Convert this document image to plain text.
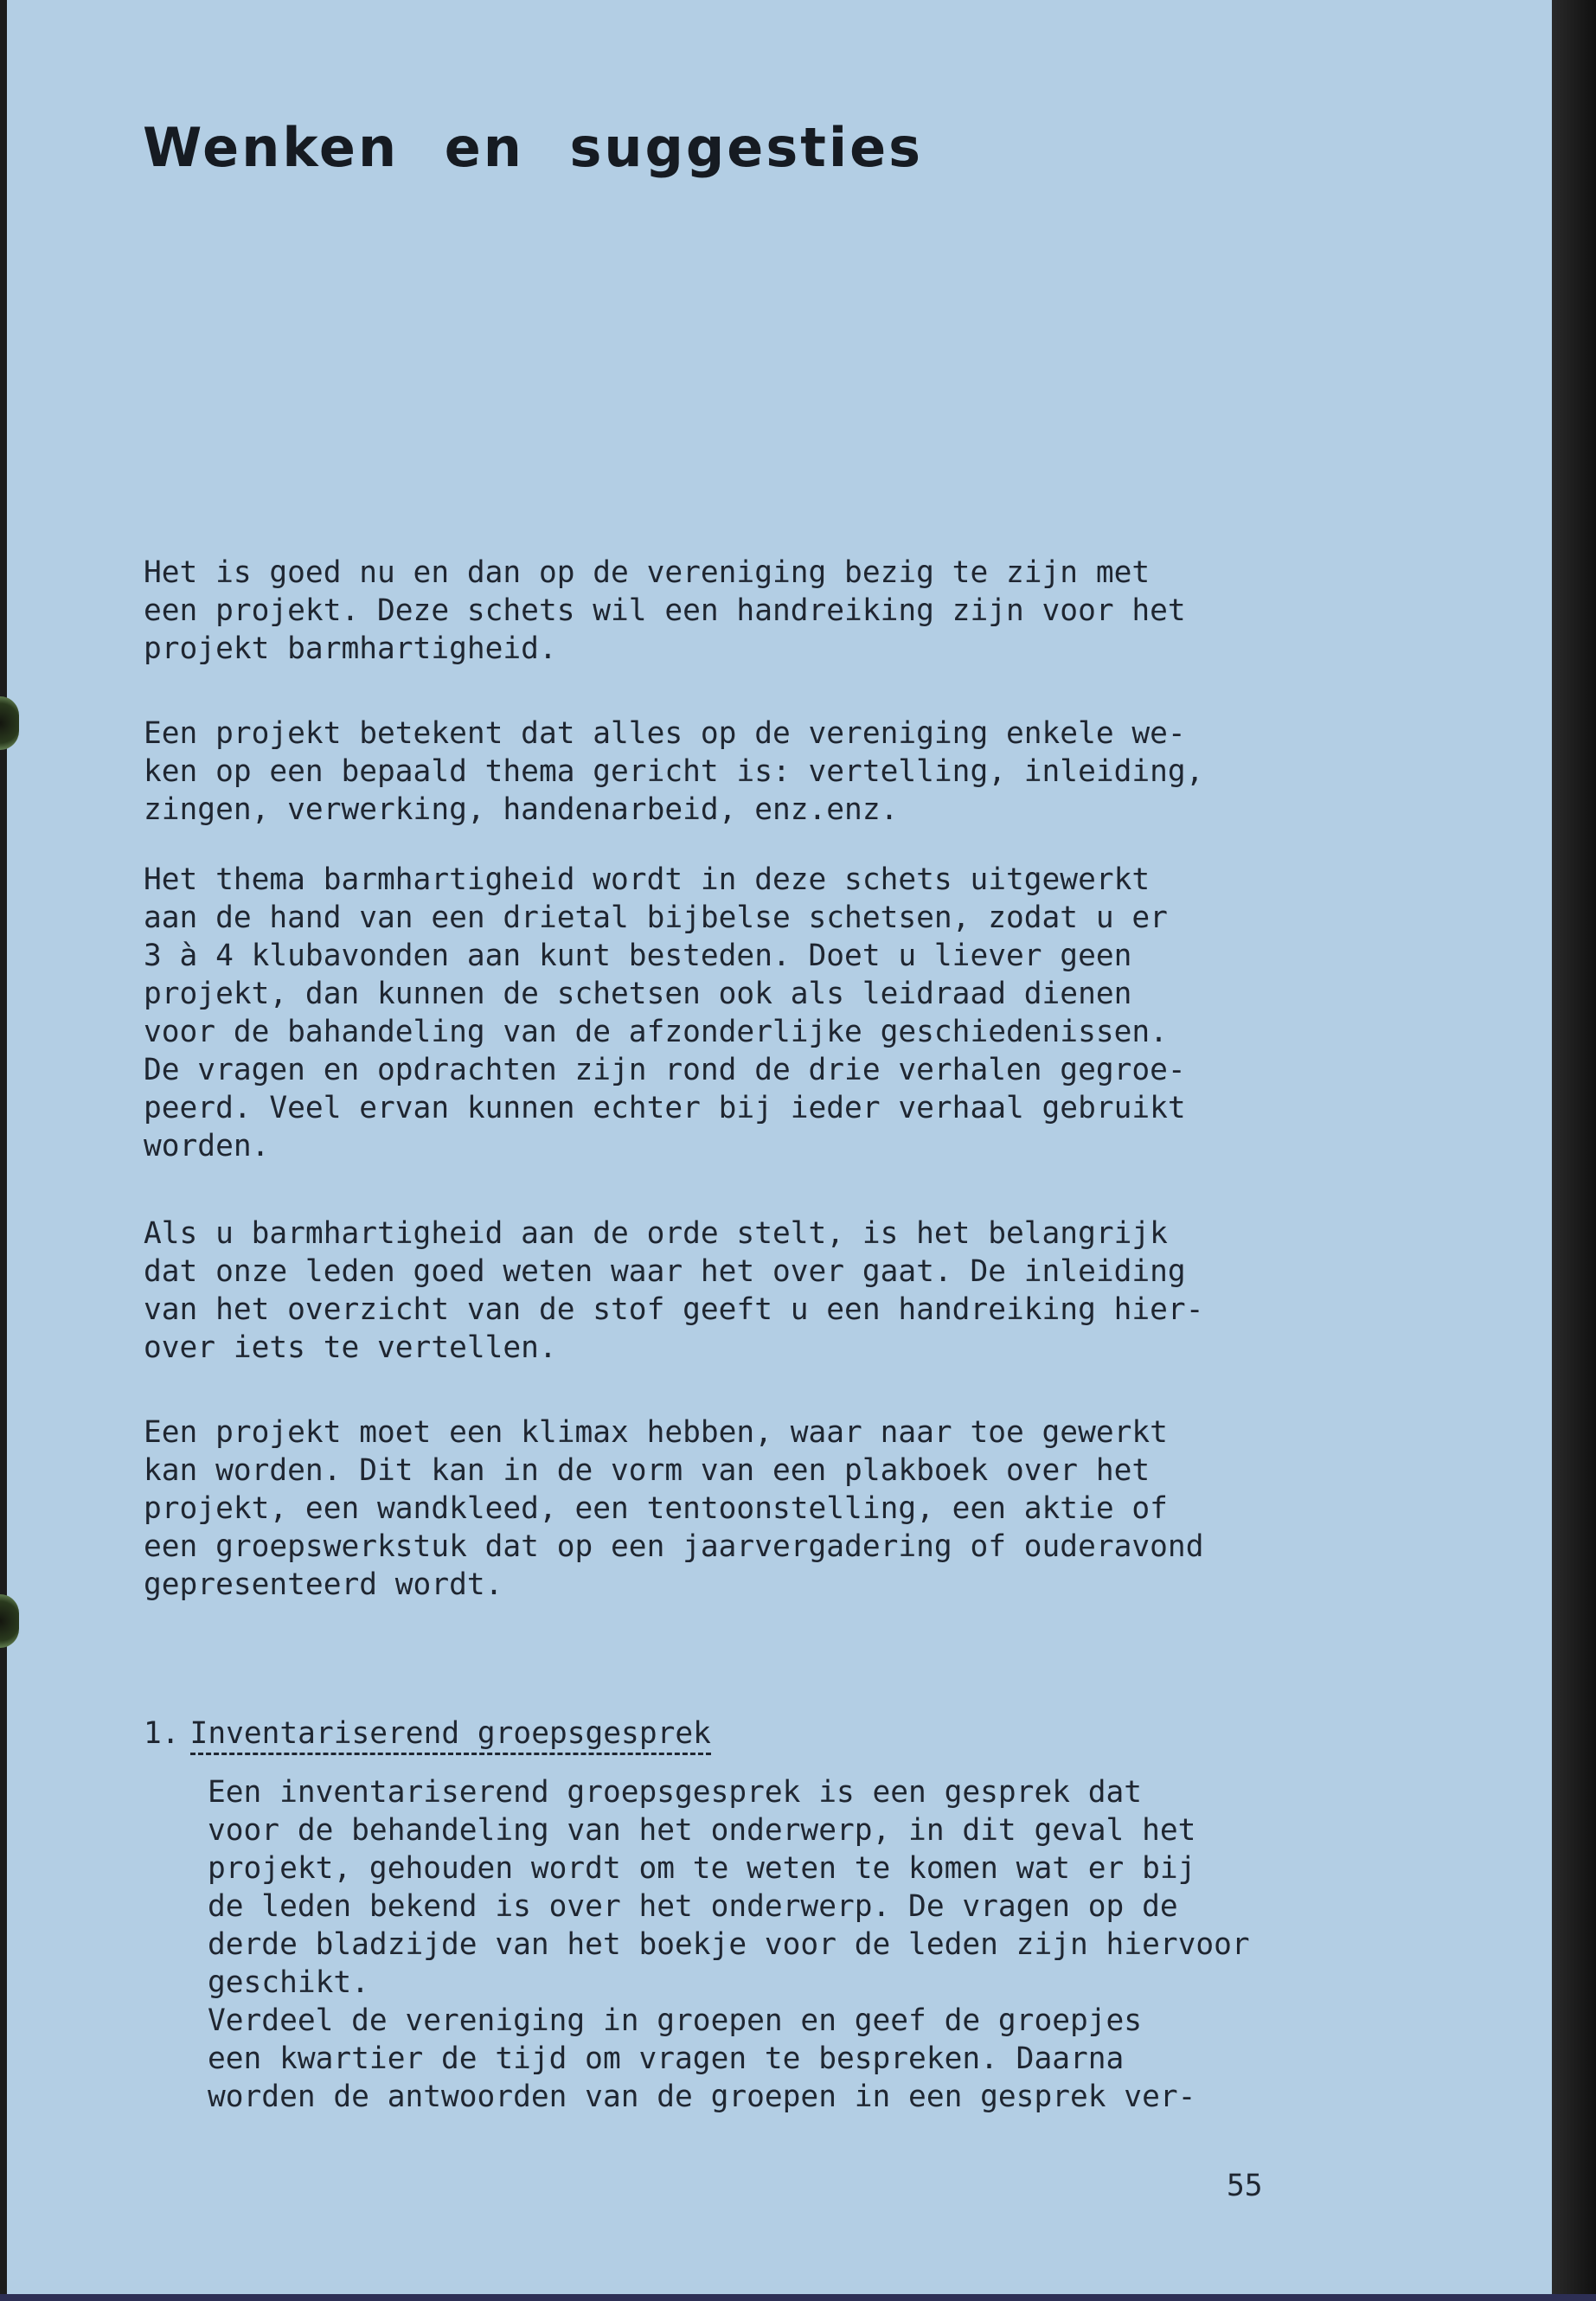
Wenken en suggesties
Het is goed nu en dan op de vereniging bezig te zijn met
een projekt. Deze schets wil een handreiking zijn voor het
projekt barmhartigheid.
Een projekt betekent dat alles op de vereniging enkele we-
ken op een bepaald thema gericht is: vertelling, inleiding,
zingen, verwerking, handenarbeid, enz.enz.
Het thema barmhartigheid wordt in deze schets uitgewerkt
aan de hand van een drietal bijbelse schetsen, zodat u er
3 à 4 klubavonden aan kunt besteden. Doet u liever geen
projekt, dan kunnen de schetsen ook als leidraad dienen
voor de bahandeling van de afzonderlijke geschiedenissen.
De vragen en opdrachten zijn rond de drie verhalen gegroe-
peerd. Veel ervan kunnen echter bij ieder verhaal gebruikt
worden.
Als u barmhartigheid aan de orde stelt, is het belangrijk
dat onze leden goed weten waar het over gaat. De inleiding
van het overzicht van de stof geeft u een handreiking hier-
over iets te vertellen.
Een projekt moet een klimax hebben, waar naar toe gewerkt
kan worden. Dit kan in de vorm van een plakboek over het
projekt, een wandkleed, een tentoonstelling, een aktie of
een groepswerkstuk dat op een jaarvergadering of ouderavond
gepresenteerd wordt.
1. Inventariserend groepsgesprek
Een inventariserend groepsgesprek is een gesprek dat
voor de behandeling van het onderwerp, in dit geval het
projekt, gehouden wordt om te weten te komen wat er bij
de leden bekend is over het onderwerp. De vragen op de
derde bladzijde van het boekje voor de leden zijn hiervoor
geschikt.
Verdeel de vereniging in groepen en geef de groepjes
een kwartier de tijd om vragen te bespreken. Daarna
worden de antwoorden van de groepen in een gesprek ver-
55
